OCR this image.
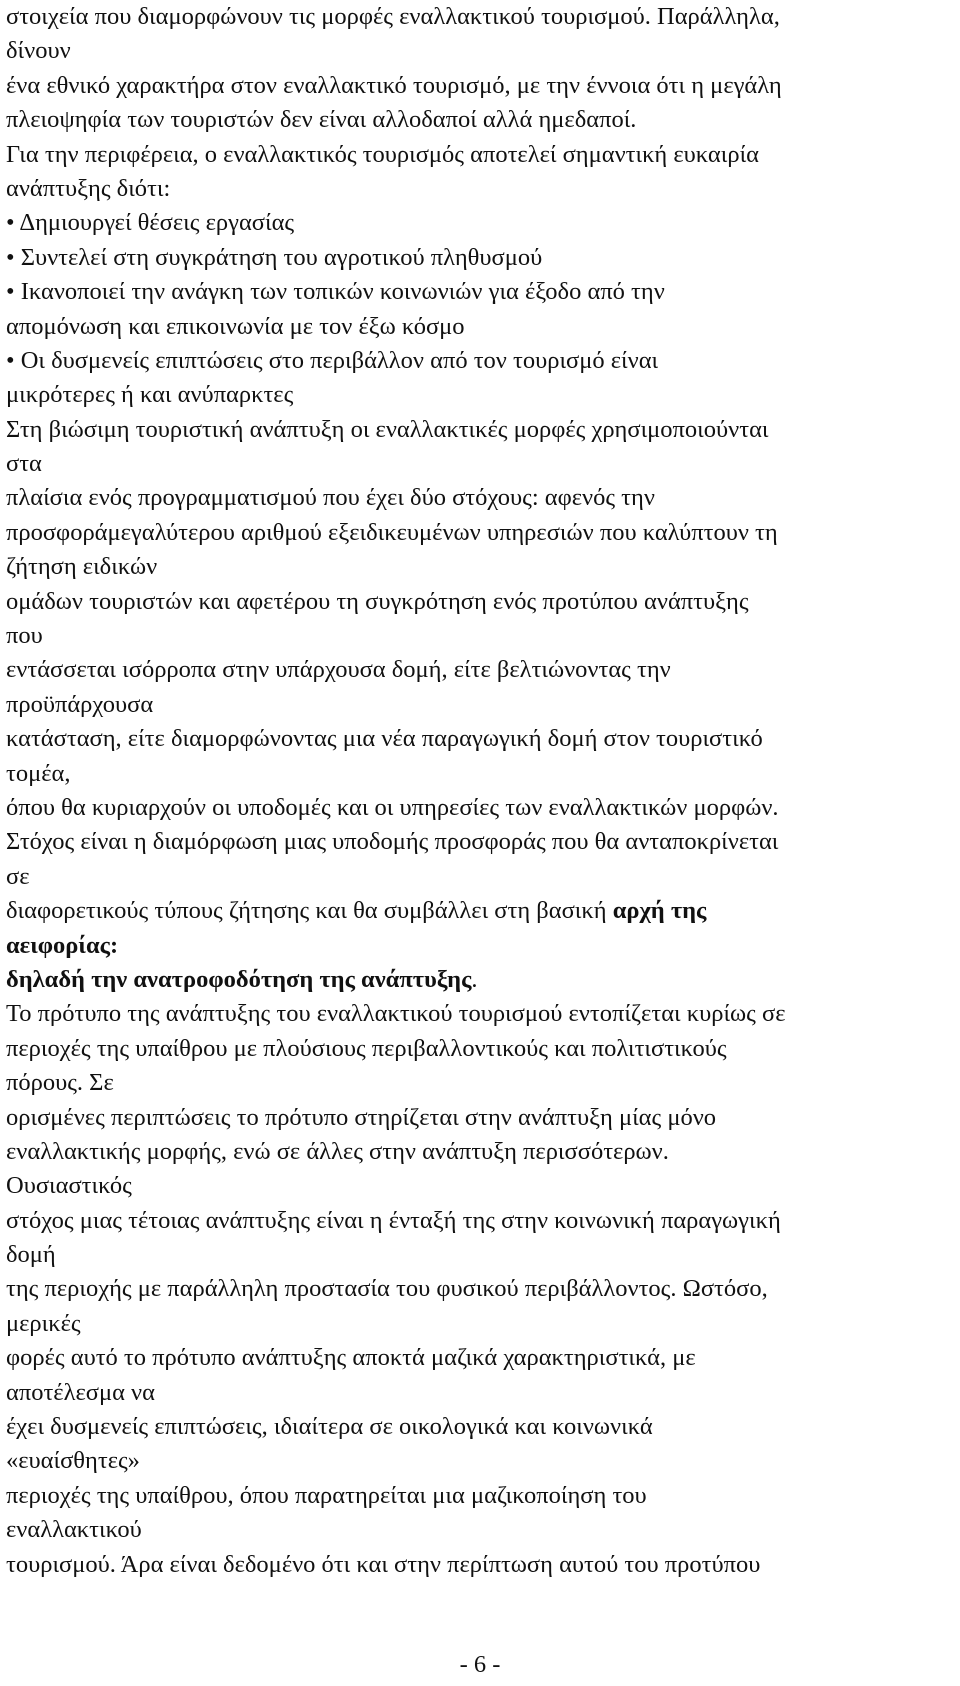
στοιχεία που διαμορφώνουν τις μορφές εναλλακτικού τουρισμού. Παράλληλα,
δίνουν
ένα εθνικό χαρακτήρα στον εναλλακτικό τουρισμό, με την έννοια ότι η μεγάλη
πλειοψηφία των τουριστών δεν είναι αλλοδαποί αλλά ημεδαποί.
Για την περιφέρεια, ο εναλλακτικός τουρισμός αποτελεί σημαντική ευκαιρία
ανάπτυξης διότι:
• Δημιουργεί θέσεις εργασίας
• Συντελεί στη συγκράτηση του αγροτικού πληθυσμού
• Ικανοποιεί την ανάγκη των τοπικών κοινωνιών για έξοδο από την
απομόνωση και επικοινωνία με τον έξω κόσμο
• Οι δυσμενείς επιπτώσεις στο περιβάλλον από τον τουρισμό είναι
μικρότερες ή και ανύπαρκτες
Στη βιώσιμη τουριστική ανάπτυξη οι εναλλακτικές μορφές χρησιμοποιούνται
στα
πλαίσια ενός προγραμματισμού που έχει δύο στόχους: αφενός την
προσφοράμεγαλύτερου αριθμού εξειδικευμένων υπηρεσιών που καλύπτουν τη
ζήτηση ειδικών
ομάδων τουριστών και αφετέρου τη συγκρότηση ενός προτύπου ανάπτυξης
που
εντάσσεται ισόρροπα στην υπάρχουσα δομή, είτε βελτιώνοντας την
προϋπάρχουσα
κατάσταση, είτε διαμορφώνοντας μια νέα παραγωγική δομή στον τουριστικό
τομέα,
όπου θα κυριαρχούν οι υποδομές και οι υπηρεσίες των εναλλακτικών μορφών.
Στόχος είναι η διαμόρφωση μιας υποδομής προσφοράς που θα ανταποκρίνεται
σε
διαφορετικούς τύπους ζήτησης και θα συμβάλλει στη βασική αρχή της
αειφορίας:
δηλαδή την ανατροφοδότηση της ανάπτυξης.
Το πρότυπο της ανάπτυξης του εναλλακτικού τουρισμού εντοπίζεται κυρίως σε
περιοχές της υπαίθρου με πλούσιους περιβαλλοντικούς και πολιτιστικούς
πόρους. Σε
ορισμένες περιπτώσεις το πρότυπο στηρίζεται στην ανάπτυξη μίας μόνο
εναλλακτικής μορφής, ενώ σε άλλες στην ανάπτυξη περισσότερων.
Ουσιαστικός
στόχος μιας τέτοιας ανάπτυξης είναι η ένταξή της στην κοινωνική παραγωγική
δομή
της περιοχής με παράλληλη προστασία του φυσικού περιβάλλοντος. Ωστόσο,
μερικές
φορές αυτό το πρότυπο ανάπτυξης αποκτά μαζικά χαρακτηριστικά, με
αποτέλεσμα να
έχει δυσμενείς επιπτώσεις, ιδιαίτερα σε οικολογικά και κοινωνικά
«ευαίσθητες»
περιοχές της υπαίθρου, όπου παρατηρείται μια μαζικοποίηση του
εναλλακτικού
τουρισμού. Άρα είναι δεδομένο ότι και στην περίπτωση αυτού του προτύπου
- 6 -
